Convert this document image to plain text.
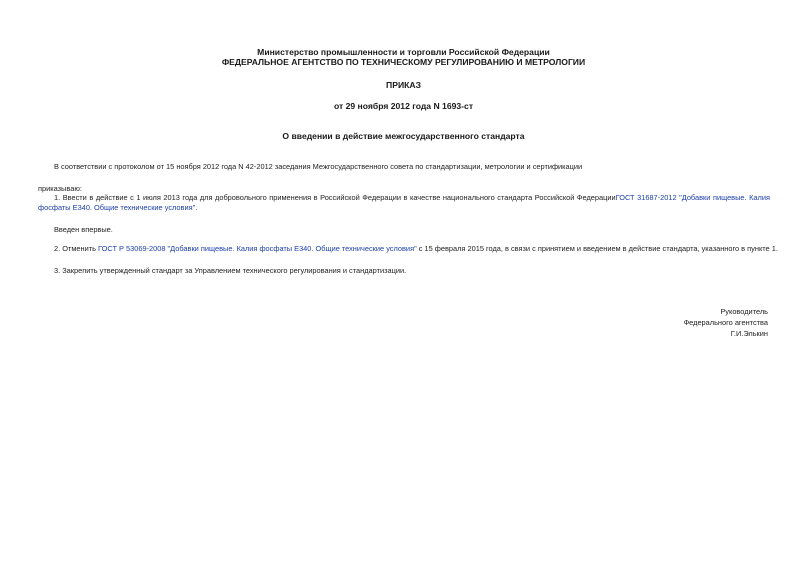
Министерство промышленности и торговли Российской Федерации
ФЕДЕРАЛЬНОЕ АГЕНТСТВО ПО ТЕХНИЧЕСКОМУ РЕГУЛИРОВАНИЮ И МЕТРОЛОГИИ
ПРИКАЗ
от 29 ноября 2012 года N 1693-ст
О введении в действие межгосударственного стандарта
В соответствии с протоколом от 15 ноября 2012 года N 42-2012 заседания Межгосударственного совета по стандартизации, метрологии и сертификации
приказываю:
1. Ввести в действие с 1 июля 2013 года для добровольного применения в Российской Федерации в качестве национального стандарта Российской ФедерацииГОСТ 31687-2012 "Добавки пищевые. Калия фосфаты Е340. Общие технические условия".
Введен впервые.
2. Отменить ГОСТ Р 53069-2008 "Добавки пищевые. Калия фосфаты Е340. Общие технические условия" с 15 февраля 2015 года, в связи с принятием и введением в действие стандарта, указанного в пункте 1.
3. Закрепить утвержденный стандарт за Управлением технического регулирования и стандартизации.
Руководитель
Федерального агентства
Г.И.Элькин
